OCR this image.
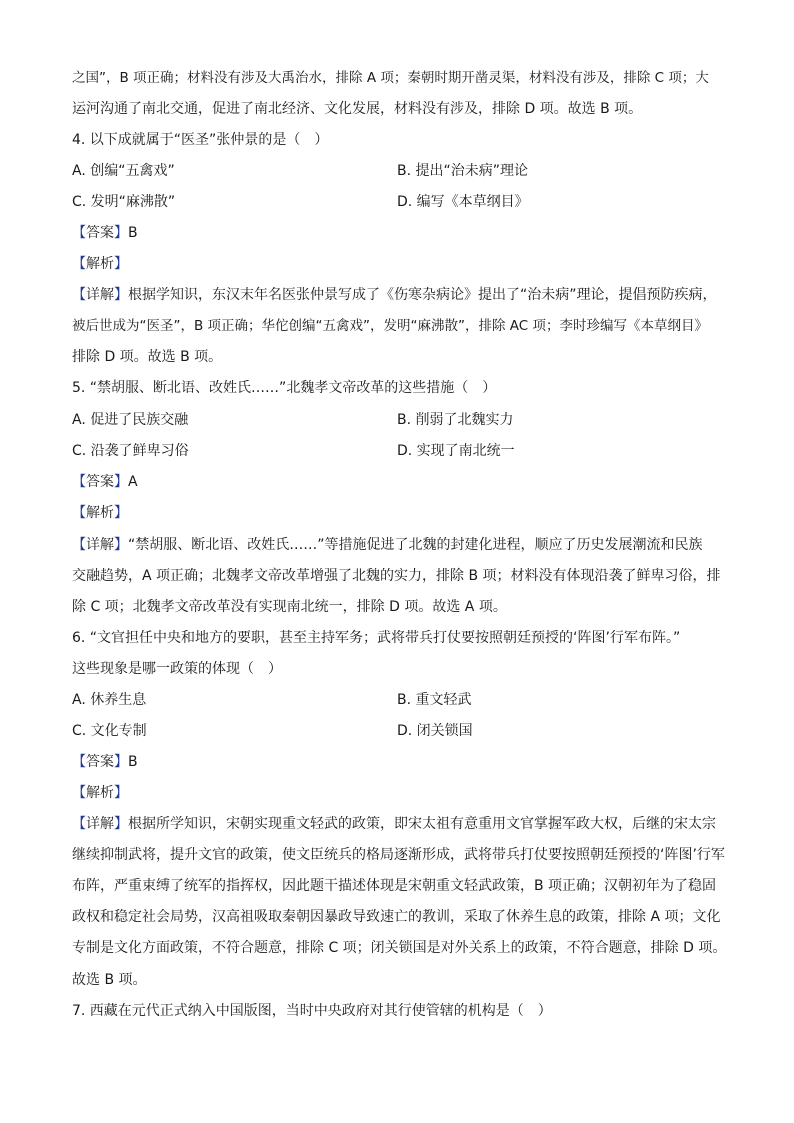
之国”，B 项正确；材料没有涉及大禹治水，排除 A 项；秦朝时期开凿灵渠，材料没有涉及，排除 C 项；大
运河沟通了南北交通，促进了南北经济、文化发展，材料没有涉及，排除 D 项。故选 B 项。
4. 以下成就属于“医圣”张仲景的是（　）
A. 创编“五禽戏”	B. 提出“治未病”理论
C. 发明“麻沸散”	D. 编写《本草纲目》
【答案】B
【解析】
【详解】根据学知识，东汉末年名医张仲景写成了《伤寒杂病论》提出了“治未病”理论，提倡预防疾病，
被后世成为“医圣”，B 项正确；华佗创编“五禽戏”，发明“麻沸散”，排除 AC 项；李时珍编写《本草纲目》
排除 D 项。故选 B 项。
5. “禁胡服、断北语、改姓氏……”北魏孝文帝改革的这些措施（　）
A. 促进了民族交融	B. 削弱了北魏实力
C. 沿袭了鲜卑习俗	D. 实现了南北统一
【答案】A
【解析】
【详解】“禁胡服、断北语、改姓氏……”等措施促进了北魏的封建化进程，顺应了历史发展潮流和民族
交融趋势，A 项正确；北魏孝文帝改革增强了北魏的实力，排除 B 项；材料没有体现沿袭了鲜卑习俗，排
除 C 项；北魏孝文帝改革没有实现南北统一，排除 D 项。故选 A 项。
6. “文官担任中央和地方的要职，甚至主持军务；武将带兵打仗要按照朝廷预授的‘阵图’行军布阵。”
这些现象是哪一政策的体现（　）
A. 休养生息	B. 重文轻武
C. 文化专制	D. 闭关锁国
【答案】B
【解析】
【详解】根据所学知识，宋朝实现重文轻武的政策，即宋太祖有意重用文官掌握军政大权，后继的宋太宗
继续抑制武将，提升文官的政策，使文臣统兵的格局逐渐形成，武将带兵打仗要按照朝廷预授的‘阵图’行军
布阵，严重束缚了统军的指挥权，因此题干描述体现是宋朝重文轻武政策，B 项正确；汉朝初年为了稳固
政权和稳定社会局势，汉高祖吸取秦朝因暴政导致速亡的教训，采取了休养生息的政策，排除 A 项；文化
专制是文化方面政策，不符合题意，排除 C 项；闭关锁国是对外关系上的政策，不符合题意，排除 D 项。
故选 B 项。
7. 西藏在元代正式纳入中国版图，当时中央政府对其行使管辖的机构是（　）
